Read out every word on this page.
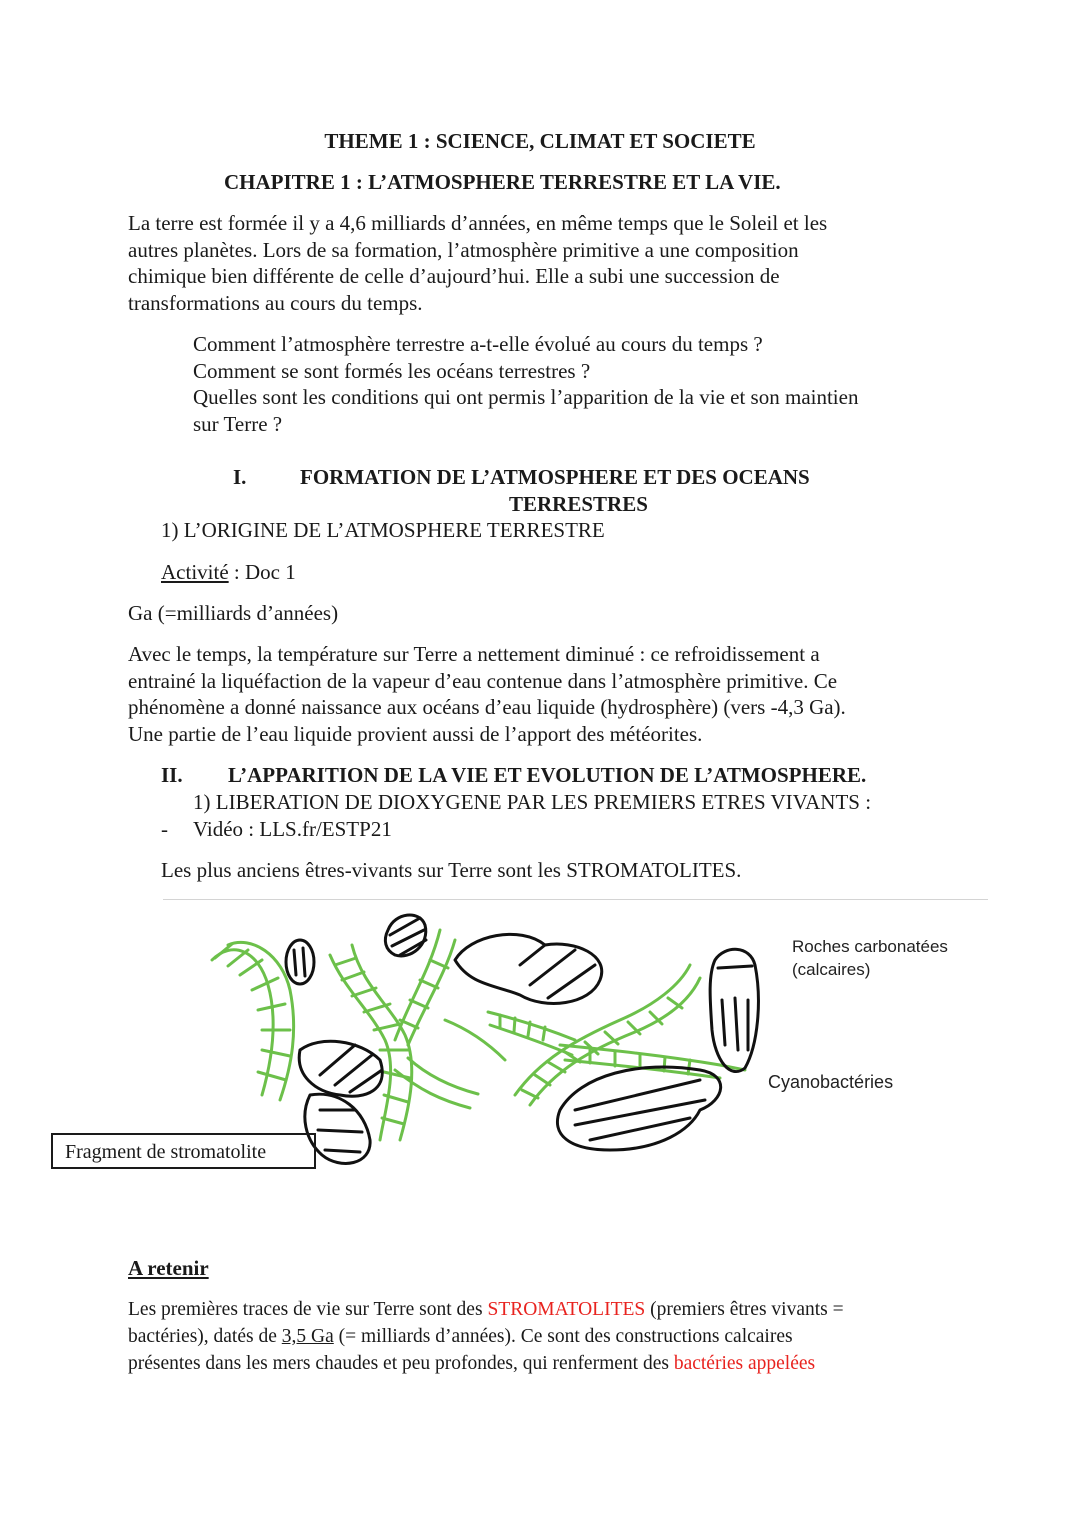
THEME 1 : SCIENCE, CLIMAT ET SOCIETE
CHAPITRE 1 : L’ATMOSPHERE TERRESTRE ET LA VIE.
La terre est formée il y a 4,6 milliards d’années, en même temps que le Soleil et les
autres planètes. Lors de sa formation, l’atmosphère primitive a une composition
chimique bien différente de celle d’aujourd’hui. Elle a subi une succession de
transformations au cours du temps.
Comment l’atmosphère terrestre a-t-elle évolué au cours du temps ?
Comment se sont formés les océans terrestres ?
Quelles sont les conditions qui ont permis l’apparition de la vie et son maintien
sur Terre ?
I.	FORMATION DE L’ATMOSPHERE ET DES OCEANS
TERRESTRES
1) L’ORIGINE DE L’ATMOSPHERE TERRESTRE
Activité : Doc 1
Ga (=milliards d’années)
Avec le temps, la température sur Terre a nettement diminué : ce refroidissement a
entrainé la liquéfaction de la vapeur d’eau contenue dans l’atmosphère primitive. Ce
phénomène a donné naissance aux océans d’eau liquide (hydrosphère) (vers -4,3 Ga).
Une partie de l’eau liquide provient aussi de l’apport des météorites.
II. L’APPARITION DE LA VIE ET EVOLUTION DE L’ATMOSPHERE.
1) LIBERATION DE DIOXYGENE PAR LES PREMIERS ETRES VIVANTS :
- Vidéo : LLS.fr/ESTP21
Les plus anciens êtres-vivants sur Terre sont les STROMATOLITES.
Roches carbonatées
(calcaires)
Cyanobactéries
Fragment de stromatolite
A retenir
Les premières traces de vie sur Terre sont des STROMATOLITES (premiers êtres vivants =
bactéries), datés de 3,5 Ga (= milliards d’années). Ce sont des constructions calcaires
présentes dans les mers chaudes et peu profondes, qui renferment des bactéries appelées
